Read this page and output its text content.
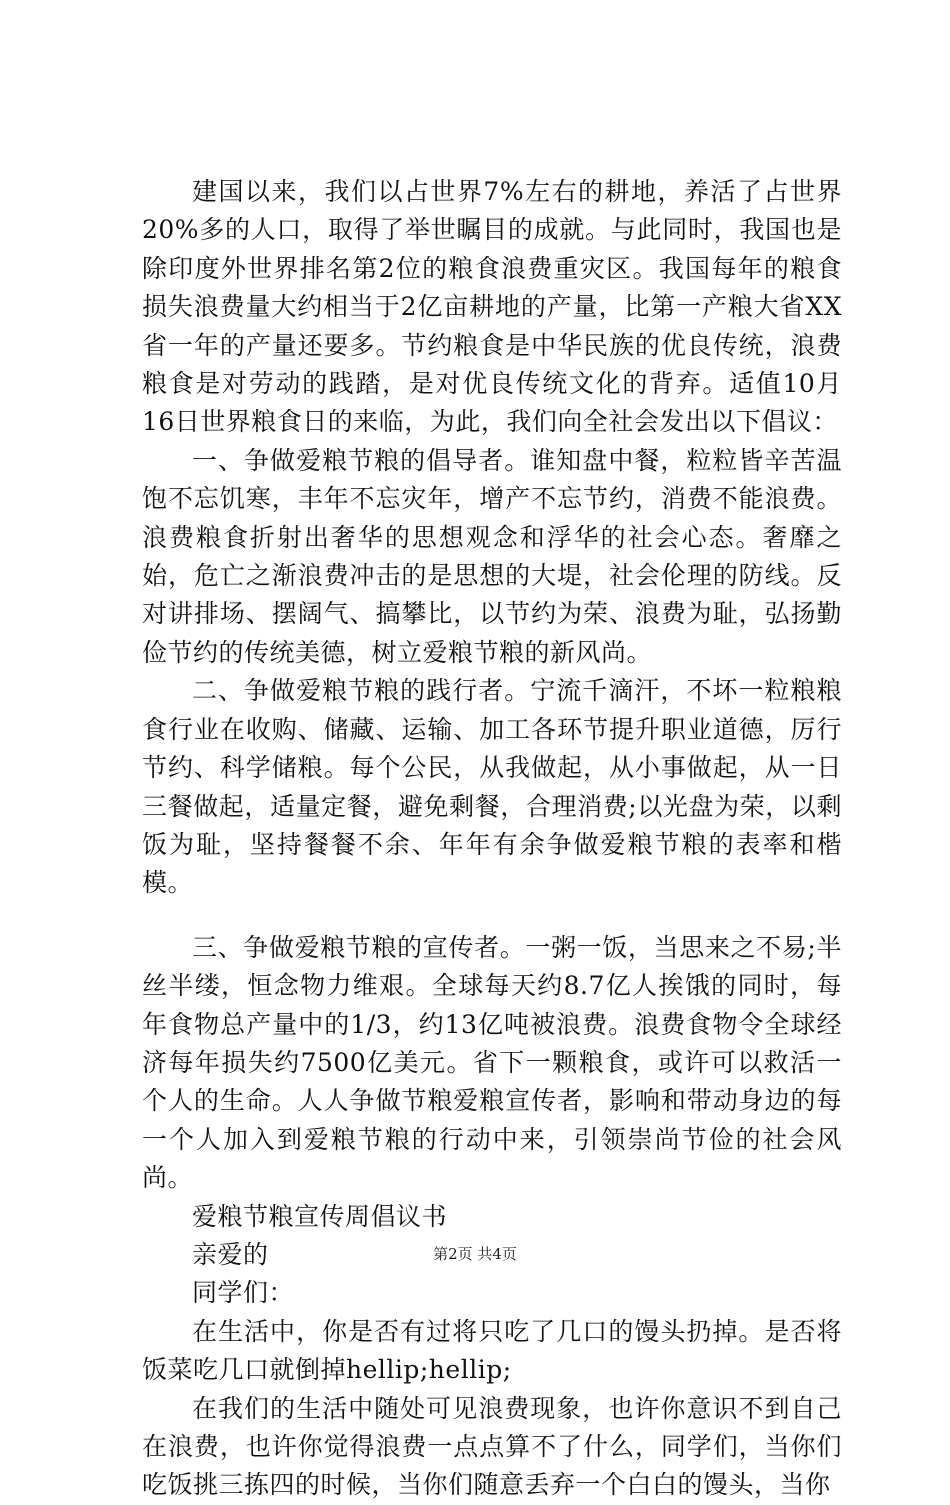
建国以来，我们以占世界7%左右的耕地，养活了占世界20%多的人口，取得了举世瞩目的成就。与此同时，我国也是除印度外世界排名第2位的粮食浪费重灾区。我国每年的粮食损失浪费量大约相当于2亿亩耕地的产量，比第一产粮大省XX省一年的产量还要多。节约粮食是中华民族的优良传统，浪费粮食是对劳动的践踏，是对优良传统文化的背弃。适值10月16日世界粮食日的来临，为此，我们向全社会发出以下倡议：

一、争做爱粮节粮的倡导者。谁知盘中餐，粒粒皆辛苦温饱不忘饥寒，丰年不忘灾年，增产不忘节约，消费不能浪费。浪费粮食折射出奢华的思想观念和浮华的社会心态。奢靡之始，危亡之渐浪费冲击的是思想的大堤，社会伦理的防线。反对讲排场、摆阔气、搞攀比，以节约为荣、浪费为耻，弘扬勤俭节约的传统美德，树立爱粮节粮的新风尚。

二、争做爱粮节粮的践行者。宁流千滴汗，不坏一粒粮粮食行业在收购、储藏、运输、加工各环节提升职业道德，厉行节约、科学储粮。每个公民，从我做起，从小事做起，从一日三餐做起，适量定餐，避免剩餐，合理消费;以光盘为荣，以剩饭为耻，坚持餐餐不余、年年有余争做爱粮节粮的表率和楷模。

三、争做爱粮节粮的宣传者。一粥一饭，当思来之不易;半丝半缕，恒念物力维艰。全球每天约8.7亿人挨饿的同时，每年食物总产量中的1/3，约13亿吨被浪费。浪费食物令全球经济每年损失约7500亿美元。省下一颗粮食，或许可以救活一个人的生命。人人争做节粮爱粮宣传者，影响和带动身边的每一个人加入到爱粮节粮的行动中来，引领崇尚节俭的社会风尚。

爱粮节粮宣传周倡议书

亲爱的

同学们：

在生活中，你是否有过将只吃了几口的馒头扔掉。是否将饭菜吃几口就倒掉hellip;hellip;

在我们的生活中随处可见浪费现象，也许你意识不到自己在浪费，也许你觉得浪费一点点算不了什么，同学们，当你们吃饭挑三拣四的时候，当你们随意丢弃一个白白的馒头，当你

第2页 共4页
